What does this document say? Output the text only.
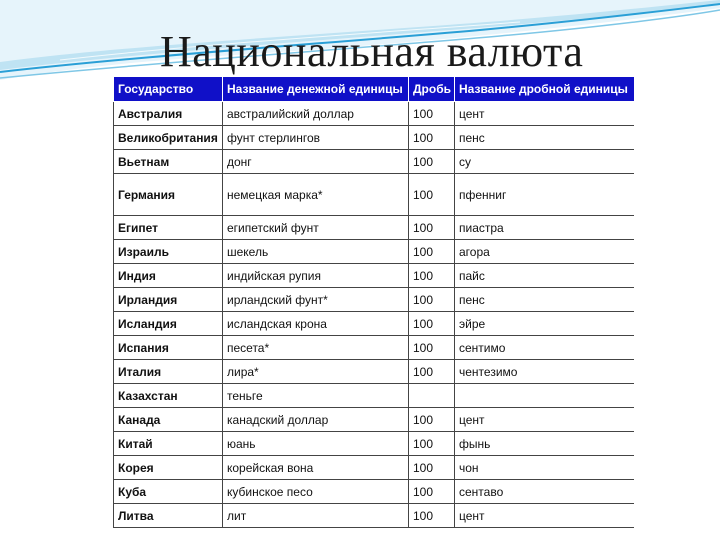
Национальная валюта
Государство	Название денежной единицы	Дробь	Название дробной единицы
Австралия	австралийский доллар	100	цент
Великобритания	фунт стерлингов	100	пенс
Вьетнам	донг	100	су
Германия	немецкая марка*	100	пфенниг
Египет	египетский фунт	100	пиастра
Израиль	шекель	100	агора
Индия	индийская рупия	100	пайс
Ирландия	ирландский фунт*	100	пенс
Исландия	исландская крона	100	эйре
Испания	песета*	100	сентимо
Италия	лира*	100	чентезимо
Казахстан	теньге		
Канада	канадский доллар	100	цент
Китай	юань	100	фынь
Корея	корейская вона	100	чон
Куба	кубинское песо	100	сентаво
Литва	лит	100	цент
